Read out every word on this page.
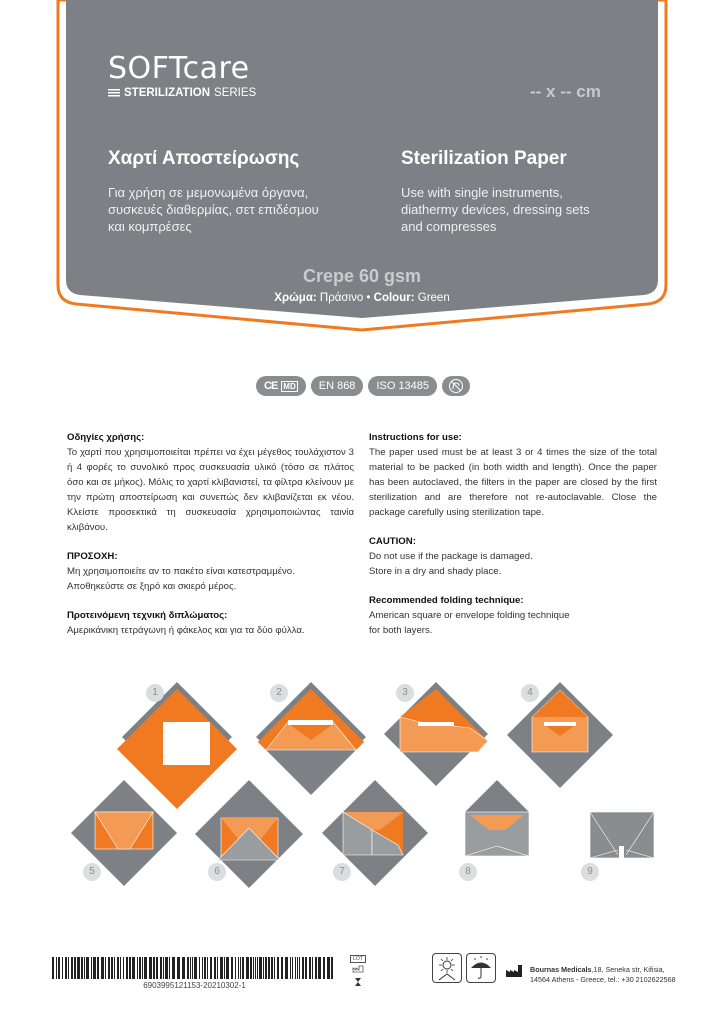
SOFTcare
STERILIZATION SERIES	-- x -- cm
Χαρτί Αποστείρωσης
Για χρήση σε μεμονωμένα όργανα,
συσκευές διαθερμίας, σετ επιδέσμου
και κομπρέσες
Sterilization Paper
Use with single instruments,
diathermy devices, dressing sets
and compresses
Crepe 60 gsm
Χρώμα: Πράσινο • Colour: Green
CE MD	EN 868	ISO 13485
Οδηγίες χρήσης:

Το χαρτί που χρησιμοποιείται πρέπει να έχει μέγεθος τουλάχιστον 3 ή 4 φορές το συνολικό προς συσκευασία υλικό (τόσο σε πλάτος όσο και σε μήκος). Μόλις το χαρτί κλιβανιστεί, τα φίλτρα κλείνουν με την πρώτη αποστείρωση και συνεπώς δεν κλιβανίζεται εκ νέου. Κλείστε προσεκτικά τη συσκευασία χρησιμοποιώντας ταινία κλιβάνου.

ΠΡΟΣΟΧΗ:

Μη χρησιμοποιείτε αν το πακέτο είναι κατεστραμμένο.

Αποθηκεύστε σε ξηρό και σκιερό μέρος.

Προτεινόμενη τεχνική διπλώματος:

Αμερικάνικη τετράγωνη ή φάκελος και για τα δύο φύλλα.

Instructions for use:

The paper used must be at least 3 or 4 times the size of the total material to be packed (in both width and length). Once the paper has been autoclaved, the filters in the paper are closed by the first sterilization and are therefore not re-autoclavable. Close the package carefully using sterilization tape.

CAUTION:

Do not use if the package is damaged.

Store in a dry and shady place.

Recommended folding technique:

American square or envelope folding technique

for both layers.

1	2	3	4
5	6	7	8	9
6903995121153-20210302-1
LOT

Bournas Medicals,18, Seneka str, Kifisia,
14564 Athens - Greece, tel.: +30 2102622568
